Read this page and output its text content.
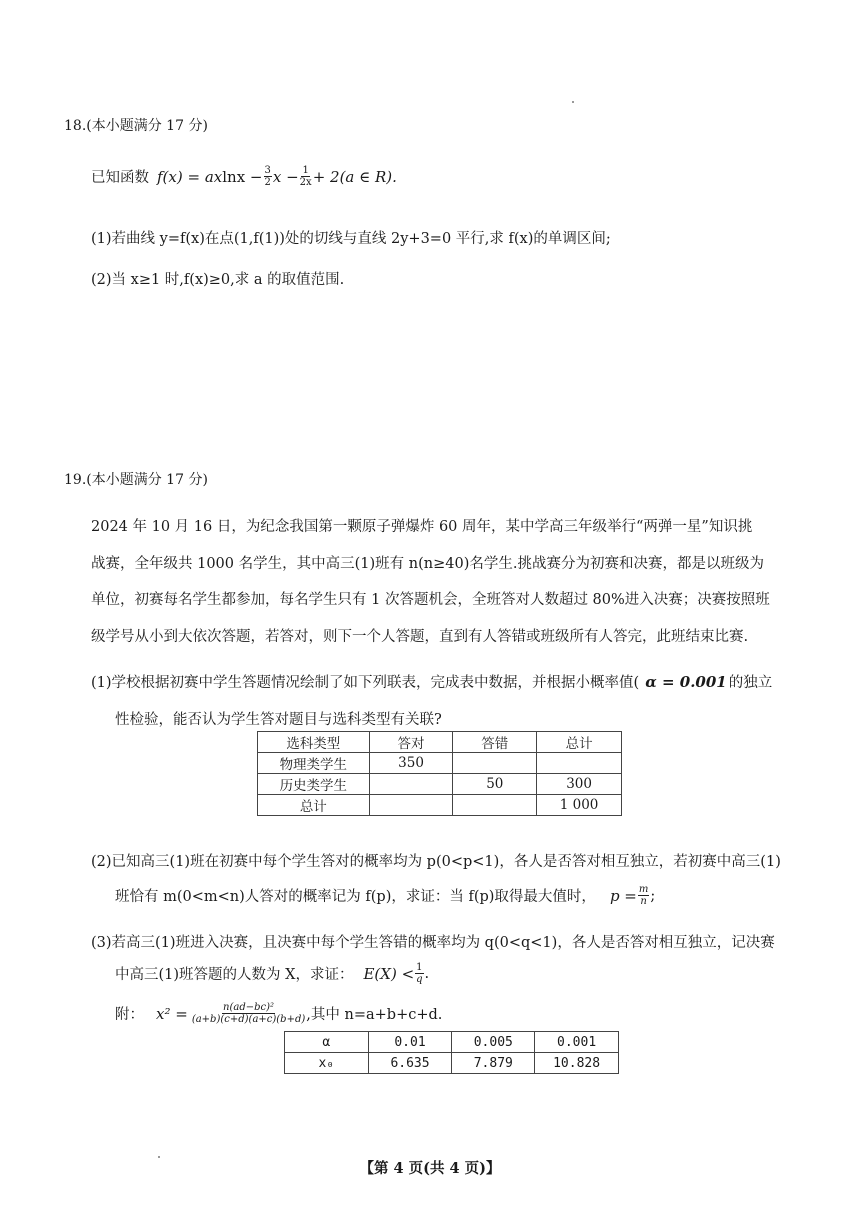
18.(本小题满分 17 分)
已知函数 f(x) = ax $\ln x - \frac{3}{2}$ $x - \frac{1}{2x} + 2(a$ ∈ R).
(1)若曲线 y=f(x)在点(1,f(1))处的切线与直线 2y+3=0 平行,求 f(x)的单调区间;
(2)当 x≥1 时,f(x)≥0,求 a 的取值范围.
19.(本小题满分 17 分)
2024 年 10 月 16 日，为纪念我国第一颗原子弹爆炸 60 周年，某中学高三年级举行“两弹一星”知识挑
战赛，全年级共 1000 名学生，其中高三(1)班有 n(n≥40)名学生.挑战赛分为初赛和决赛，都是以班级为
单位，初赛每名学生都参加，每名学生只有 1 次答题机会，全班答对人数超过 80%进入决赛；决赛按照班
级学号从小到大依次答题，若答对，则下一个人答题，直到有人答错或班级所有人答完，此班结束比赛.
(1)学校根据初赛中学生答题情况绘制了如下列联表，完成表中数据，并根据小概率值( α = 0.001 的独立
性检验，能否认为学生答对题目与选科类型有关联?
选科类型	答对	答错	总计
物理类学生	350		
历史类学生		50	300
总计			1 000
(2)已知高三(1)班在初赛中每个学生答对的概率均为 p(0<p<1)，各人是否答对相互独立，若初赛中高三(1)
班恰有 m(0<m<n)人答对的概率记为 f(p)，求证：当 f(p)取得最大值时， $p = \frac{m}{n}$ ;
(3)若高三(1)班进入决赛，且决赛中每个学生答错的概率均为 q(0<q<1)，各人是否答对相互独立，记决赛
中高三(1)班答题的人数为 X，求证： $E(X) < \frac{1}{q}$ .
附： $x^2 = \frac{\text{n(ad−bc)²}}{(a+b)(c+d)(a+c)(b+d)}$ ,其中 n=a+b+c+d.
α	0.01	0.005	0.001
x₀	6.635	7.879	10.828
【第 4 页(共 4 页)】
